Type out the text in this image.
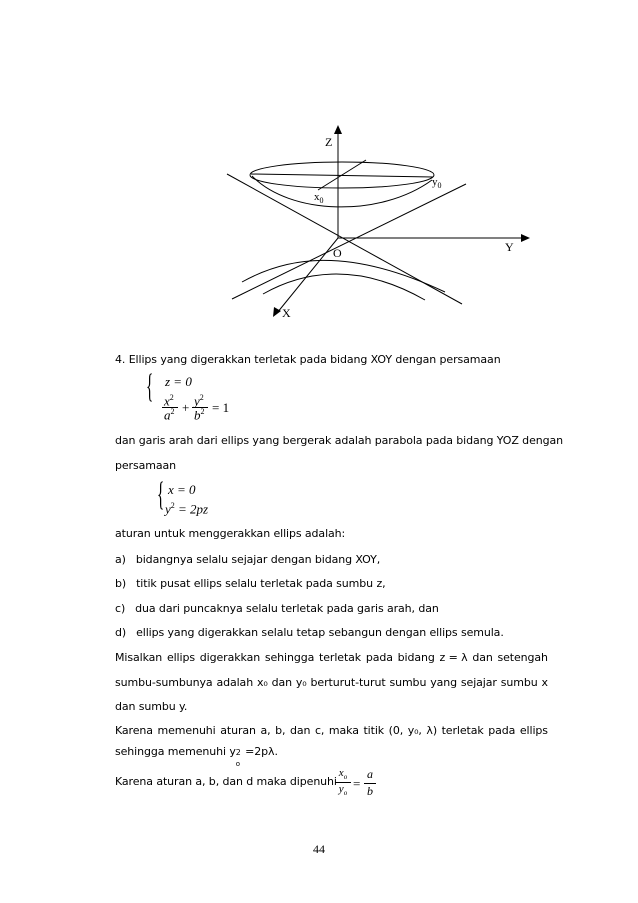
Z
Y
X
O
$x_0$
$y_0$
4. Ellips yang digerakkan terletak pada bidang XOY dengan persamaan
{ z = 0
$x^2$
$a^2 + y^2$
$b^2 = 1$
dan garis arah dari ellips yang bergerak adalah parabola pada bidang YOZ dengan
persamaan
{ x = 0
$y^2 = 2pz$
aturan untuk menggerakkan ellips adalah:
a) bidangnya selalu sejajar dengan bidang XOY,
b) titik pusat ellips selalu terletak pada sumbu z,
c) dua dari puncaknya selalu terletak pada garis arah, dan
d) ellips yang digerakkan selalu tetap sebangun dengan ellips semula.
Misalkan ellips digerakkan sehingga terletak pada bidang z = λ dan setengah
sumbu-sumbunya adalah x₀ dan y₀ berturut-turut sumbu yang sejajar sumbu x
dan sumbu y.
Karena memenuhi aturan a, b, dan c, maka titik (0, y₀, λ) terletak pada ellips
sehingga memenuhi y 2
o
=2pλ.
Karena aturan a, b, dan d maka dipenuhi
$\frac{x_o}{y_o} = \frac{a}{b}$
44
